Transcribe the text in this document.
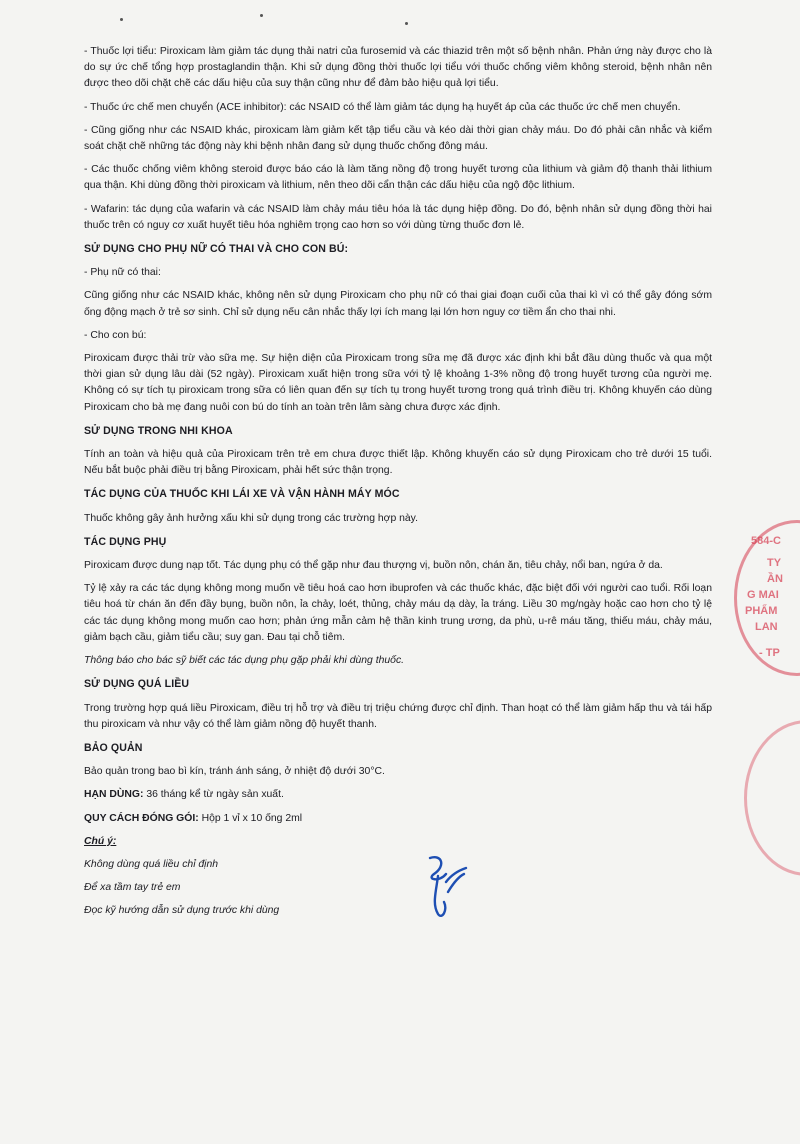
- Thuốc lợi tiểu: Piroxicam làm giảm tác dụng thải natri của furosemid và các thiazid trên một số bệnh nhân. Phản ứng này được cho là do sự ức chế tổng hợp prostaglandin thận. Khi sử dụng đồng thời thuốc lợi tiểu với thuốc chống viêm không steroid, bệnh nhân nên được theo dõi chặt chẽ các dấu hiệu của suy thận cũng như để đảm bảo hiệu quả lợi tiểu.

- Thuốc ức chế men chuyển (ACE inhibitor): các NSAID có thể làm giảm tác dụng hạ huyết áp của các thuốc ức chế men chuyển.

- Cũng giống như các NSAID khác, piroxicam làm giảm kết tập tiểu cầu và kéo dài thời gian chảy máu. Do đó phải cân nhắc và kiểm soát chặt chẽ những tác động này khi bệnh nhân đang sử dụng thuốc chống đông máu.

- Các thuốc chống viêm không steroid được báo cáo là làm tăng nồng độ trong huyết tương của lithium và giảm độ thanh thải lithium qua thận. Khi dùng đồng thời piroxicam và lithium, nên theo dõi cẩn thận các dấu hiệu của ngộ độc lithium.

- Wafarin: tác dụng của wafarin và các NSAID làm chảy máu tiêu hóa là tác dụng hiệp đồng. Do đó, bệnh nhân sử dụng đồng thời hai thuốc trên có nguy cơ xuất huyết tiêu hóa nghiêm trọng cao hơn so với dùng từng thuốc đơn lẻ.

SỬ DỤNG CHO PHỤ NỮ CÓ THAI VÀ CHO CON BÚ:

- Phụ nữ có thai:

Cũng giống như các NSAID khác, không nên sử dụng Piroxicam cho phụ nữ có thai giai đoạn cuối của thai kì vì có thể gây đóng sớm ống động mạch ở trẻ sơ sinh. Chỉ sử dụng nếu cân nhắc thấy lợi ích mang lại lớn hơn nguy cơ tiềm ẩn cho thai nhi.

- Cho con bú:

Piroxicam được thải trừ vào sữa mẹ. Sự hiện diện của Piroxicam trong sữa mẹ đã được xác định khi bắt đầu dùng thuốc và qua một thời gian sử dụng lâu dài (52 ngày). Piroxicam xuất hiện trong sữa với tỷ lệ khoảng 1-3% nồng độ trong huyết tương của người mẹ. Không có sự tích tụ piroxicam trong sữa có liên quan đến sự tích tụ trong huyết tương trong quá trình điều trị. Không khuyến cáo dùng Piroxicam cho bà mẹ đang nuôi con bú do tính an toàn trên lâm sàng chưa được xác định.

SỬ DỤNG TRONG NHI KHOA

Tính an toàn và hiệu quả của Piroxicam trên trẻ em chưa được thiết lập. Không khuyến cáo sử dụng Piroxicam cho trẻ dưới 15 tuổi. Nếu bắt buộc phải điều trị bằng Piroxicam, phải hết sức thận trọng.

TÁC DỤNG CỦA THUỐC KHI LÁI XE VÀ VẬN HÀNH MÁY MÓC

Thuốc không gây ảnh hưởng xấu khi sử dụng trong các trường hợp này.

TÁC DỤNG PHỤ

Piroxicam được dung nạp tốt. Tác dụng phụ có thể gặp như đau thượng vị, buồn nôn, chán ăn, tiêu chảy, nổi ban, ngứa ở da.

Tỷ lệ xảy ra các tác dụng không mong muốn về tiêu hoá cao hơn ibuprofen và các thuốc khác, đặc biệt đối với người cao tuổi. Rối loạn tiêu hoá từ chán ăn đến đầy bụng, buồn nôn, ỉa chảy, loét, thủng, chảy máu dạ dày, ỉa tráng. Liều 30 mg/ngày hoặc cao hơn cho tỷ lệ các tác dụng không mong muốn cao hơn; phản ứng mẫn cảm hệ thần kinh trung ương, da phù, u-rê máu tăng, thiếu máu, chảy máu, giảm bạch cầu, giảm tiểu cầu; suy gan. Đau tại chỗ tiêm.

Thông báo cho bác sỹ biết các tác dụng phụ gặp phải khi dùng thuốc.

SỬ DỤNG QUÁ LIỀU

Trong trường hợp quá liều Piroxicam, điều trị hỗ trợ và điều trị triệu chứng được chỉ định. Than hoạt có thể làm giảm hấp thu và tái hấp thu piroxicam và như vậy có thể làm giảm nồng độ huyết thanh.

BẢO QUẢN

Bảo quản trong bao bì kín, tránh ánh sáng, ở nhiệt độ dưới 30°C.

HẠN DÙNG: 36 tháng kể từ ngày sản xuất.

QUY CÁCH ĐÓNG GÓI: Hộp 1 vỉ x 10 ống 2ml

Chú ý:

Không dùng quá liều chỉ định

Để xa tầm tay trẻ em

Đọc kỹ hướng dẫn sử dụng trước khi dùng

584-C
TY
ẦN
G MAI
PHẨM
LAN
- TP
